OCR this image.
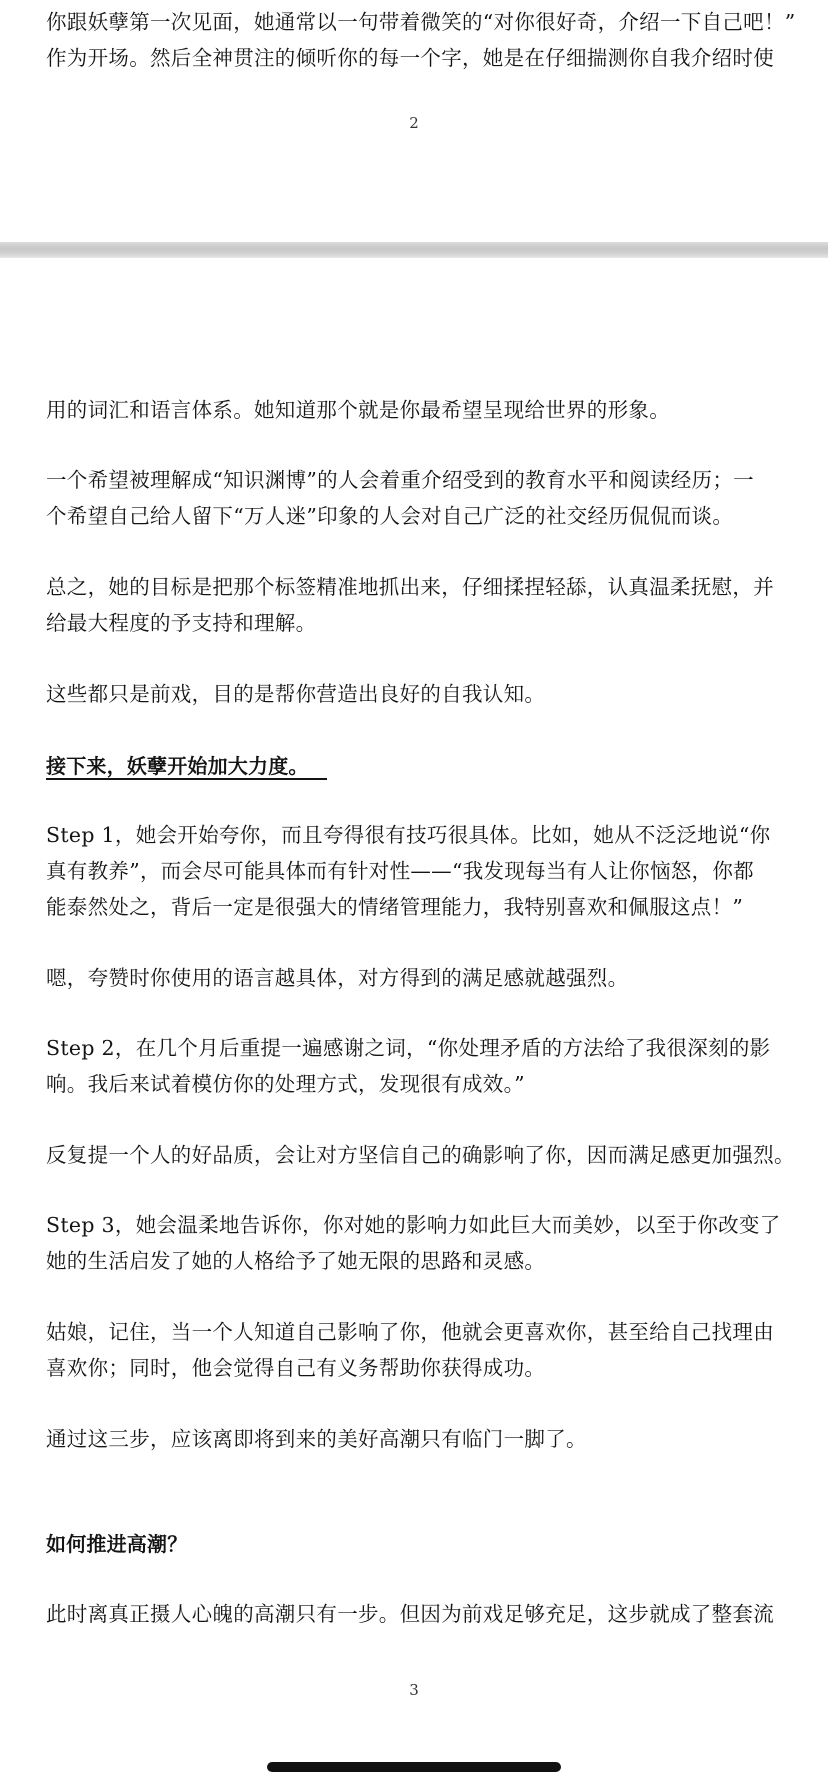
你跟妖孽第一次见面，她通常以一句带着微笑的“对你很好奇，介绍一下自己吧！”
作为开场。然后全神贯注的倾听你的每一个字，她是在仔细揣测你自我介绍时使

2

用的词汇和语言体系。她知道那个就是你最希望呈现给世界的形象。

一个希望被理解成“知识渊博”的人会着重介绍受到的教育水平和阅读经历；一
个希望自己给人留下“万人迷”印象的人会对自己广泛的社交经历侃侃而谈。

总之，她的目标是把那个标签精准地抓出来，仔细揉捏轻舔，认真温柔抚慰，并
给最大程度的予支持和理解。

这些都只是前戏，目的是帮你营造出良好的自我认知。

接下来，妖孽开始加大力度。

Step 1，她会开始夸你，而且夸得很有技巧很具体。比如，她从不泛泛地说“你
真有教养”，而会尽可能具体而有针对性——“我发现每当有人让你恼怒，你都
能泰然处之，背后一定是很强大的情绪管理能力，我特别喜欢和佩服这点！”

嗯，夸赞时你使用的语言越具体，对方得到的满足感就越强烈。

Step 2，在几个月后重提一遍感谢之词，“你处理矛盾的方法给了我很深刻的影
响。我后来试着模仿你的处理方式，发现很有成效。”

反复提一个人的好品质，会让对方坚信自己的确影响了你，因而满足感更加强烈。

Step 3，她会温柔地告诉你，你对她的影响力如此巨大而美妙，以至于你改变了
她的生活启发了她的人格给予了她无限的思路和灵感。

姑娘，记住，当一个人知道自己影响了你，他就会更喜欢你，甚至给自己找理由
喜欢你；同时，他会觉得自己有义务帮助你获得成功。

通过这三步，应该离即将到来的美好高潮只有临门一脚了。

如何推进高潮？

此时离真正摄人心魄的高潮只有一步。但因为前戏足够充足，这步就成了整套流

3
